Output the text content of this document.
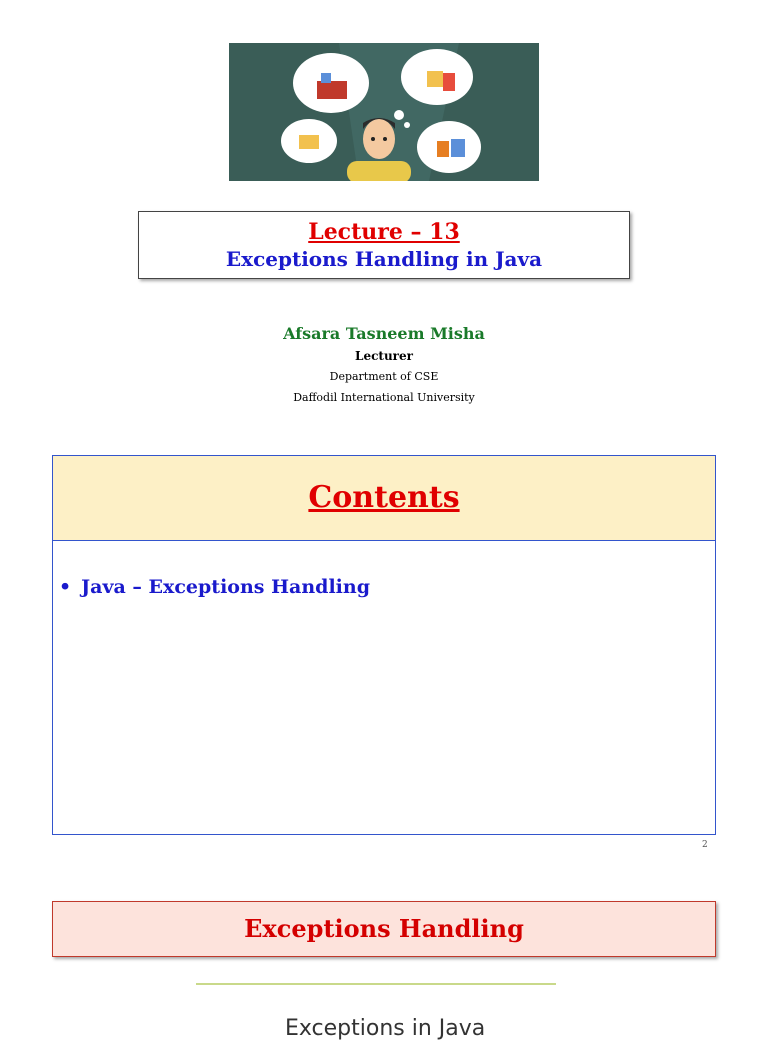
Lecture – 13
Exceptions Handling in Java
Afsara Tasneem Misha
Lecturer
Department of CSE
Daffodil International University
Contents
• Java – Exceptions Handling
2
Exceptions Handling
Exceptions in Java
